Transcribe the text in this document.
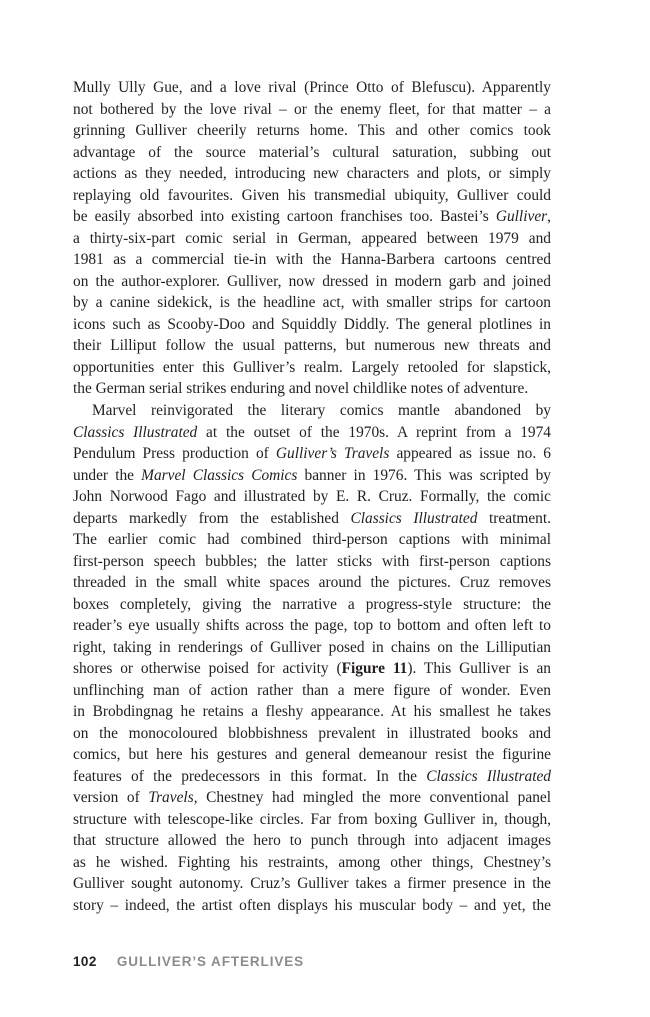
Mully Ully Gue, and a love rival (Prince Otto of Blefuscu). Apparently
not bothered by the love rival – or the enemy fleet, for that matter – a
grinning Gulliver cheerily returns home. This and other comics took
advantage of the source material’s cultural saturation, subbing out
actions as they needed, introducing new characters and plots, or simply
replaying old favourites. Given his transmedial ubiquity, Gulliver could
be easily absorbed into existing cartoon franchises too. Bastei’s Gulliver,
a thirty-six-part comic serial in German, appeared between 1979 and
1981 as a commercial tie-in with the Hanna-Barbera cartoons centred
on the author-explorer. Gulliver, now dressed in modern garb and joined
by a canine sidekick, is the headline act, with smaller strips for cartoon
icons such as Scooby-Doo and Squiddly Diddly. The general plotlines in
their Lilliput follow the usual patterns, but numerous new threats and
opportunities enter this Gulliver’s realm. Largely retooled for slapstick,
the German serial strikes enduring and novel childlike notes of adventure.
Marvel reinvigorated the literary comics mantle abandoned by
Classics Illustrated at the outset of the 1970s. A reprint from a 1974
Pendulum Press production of Gulliver’s Travels appeared as issue no. 6
under the Marvel Classics Comics banner in 1976. This was scripted by
John Norwood Fago and illustrated by E. R. Cruz. Formally, the comic
departs markedly from the established Classics Illustrated treatment.
The earlier comic had combined third-person captions with minimal
first-person speech bubbles; the latter sticks with first-person captions
threaded in the small white spaces around the pictures. Cruz removes
boxes completely, giving the narrative a progress-style structure: the
reader’s eye usually shifts across the page, top to bottom and often left to
right, taking in renderings of Gulliver posed in chains on the Lilliputian
shores or otherwise poised for activity (Figure 11). This Gulliver is an
unflinching man of action rather than a mere figure of wonder. Even
in Brobdingnag he retains a fleshy appearance. At his smallest he takes
on the monocoloured blobbishness prevalent in illustrated books and
comics, but here his gestures and general demeanour resist the figurine
features of the predecessors in this format. In the Classics Illustrated
version of Travels, Chestney had mingled the more conventional panel
structure with telescope-like circles. Far from boxing Gulliver in, though,
that structure allowed the hero to punch through into adjacent images
as he wished. Fighting his restraints, among other things, Chestney’s
Gulliver sought autonomy. Cruz’s Gulliver takes a firmer presence in the
story – indeed, the artist often displays his muscular body – and yet, the
102 GULLIVER’S AFTERLIVES
